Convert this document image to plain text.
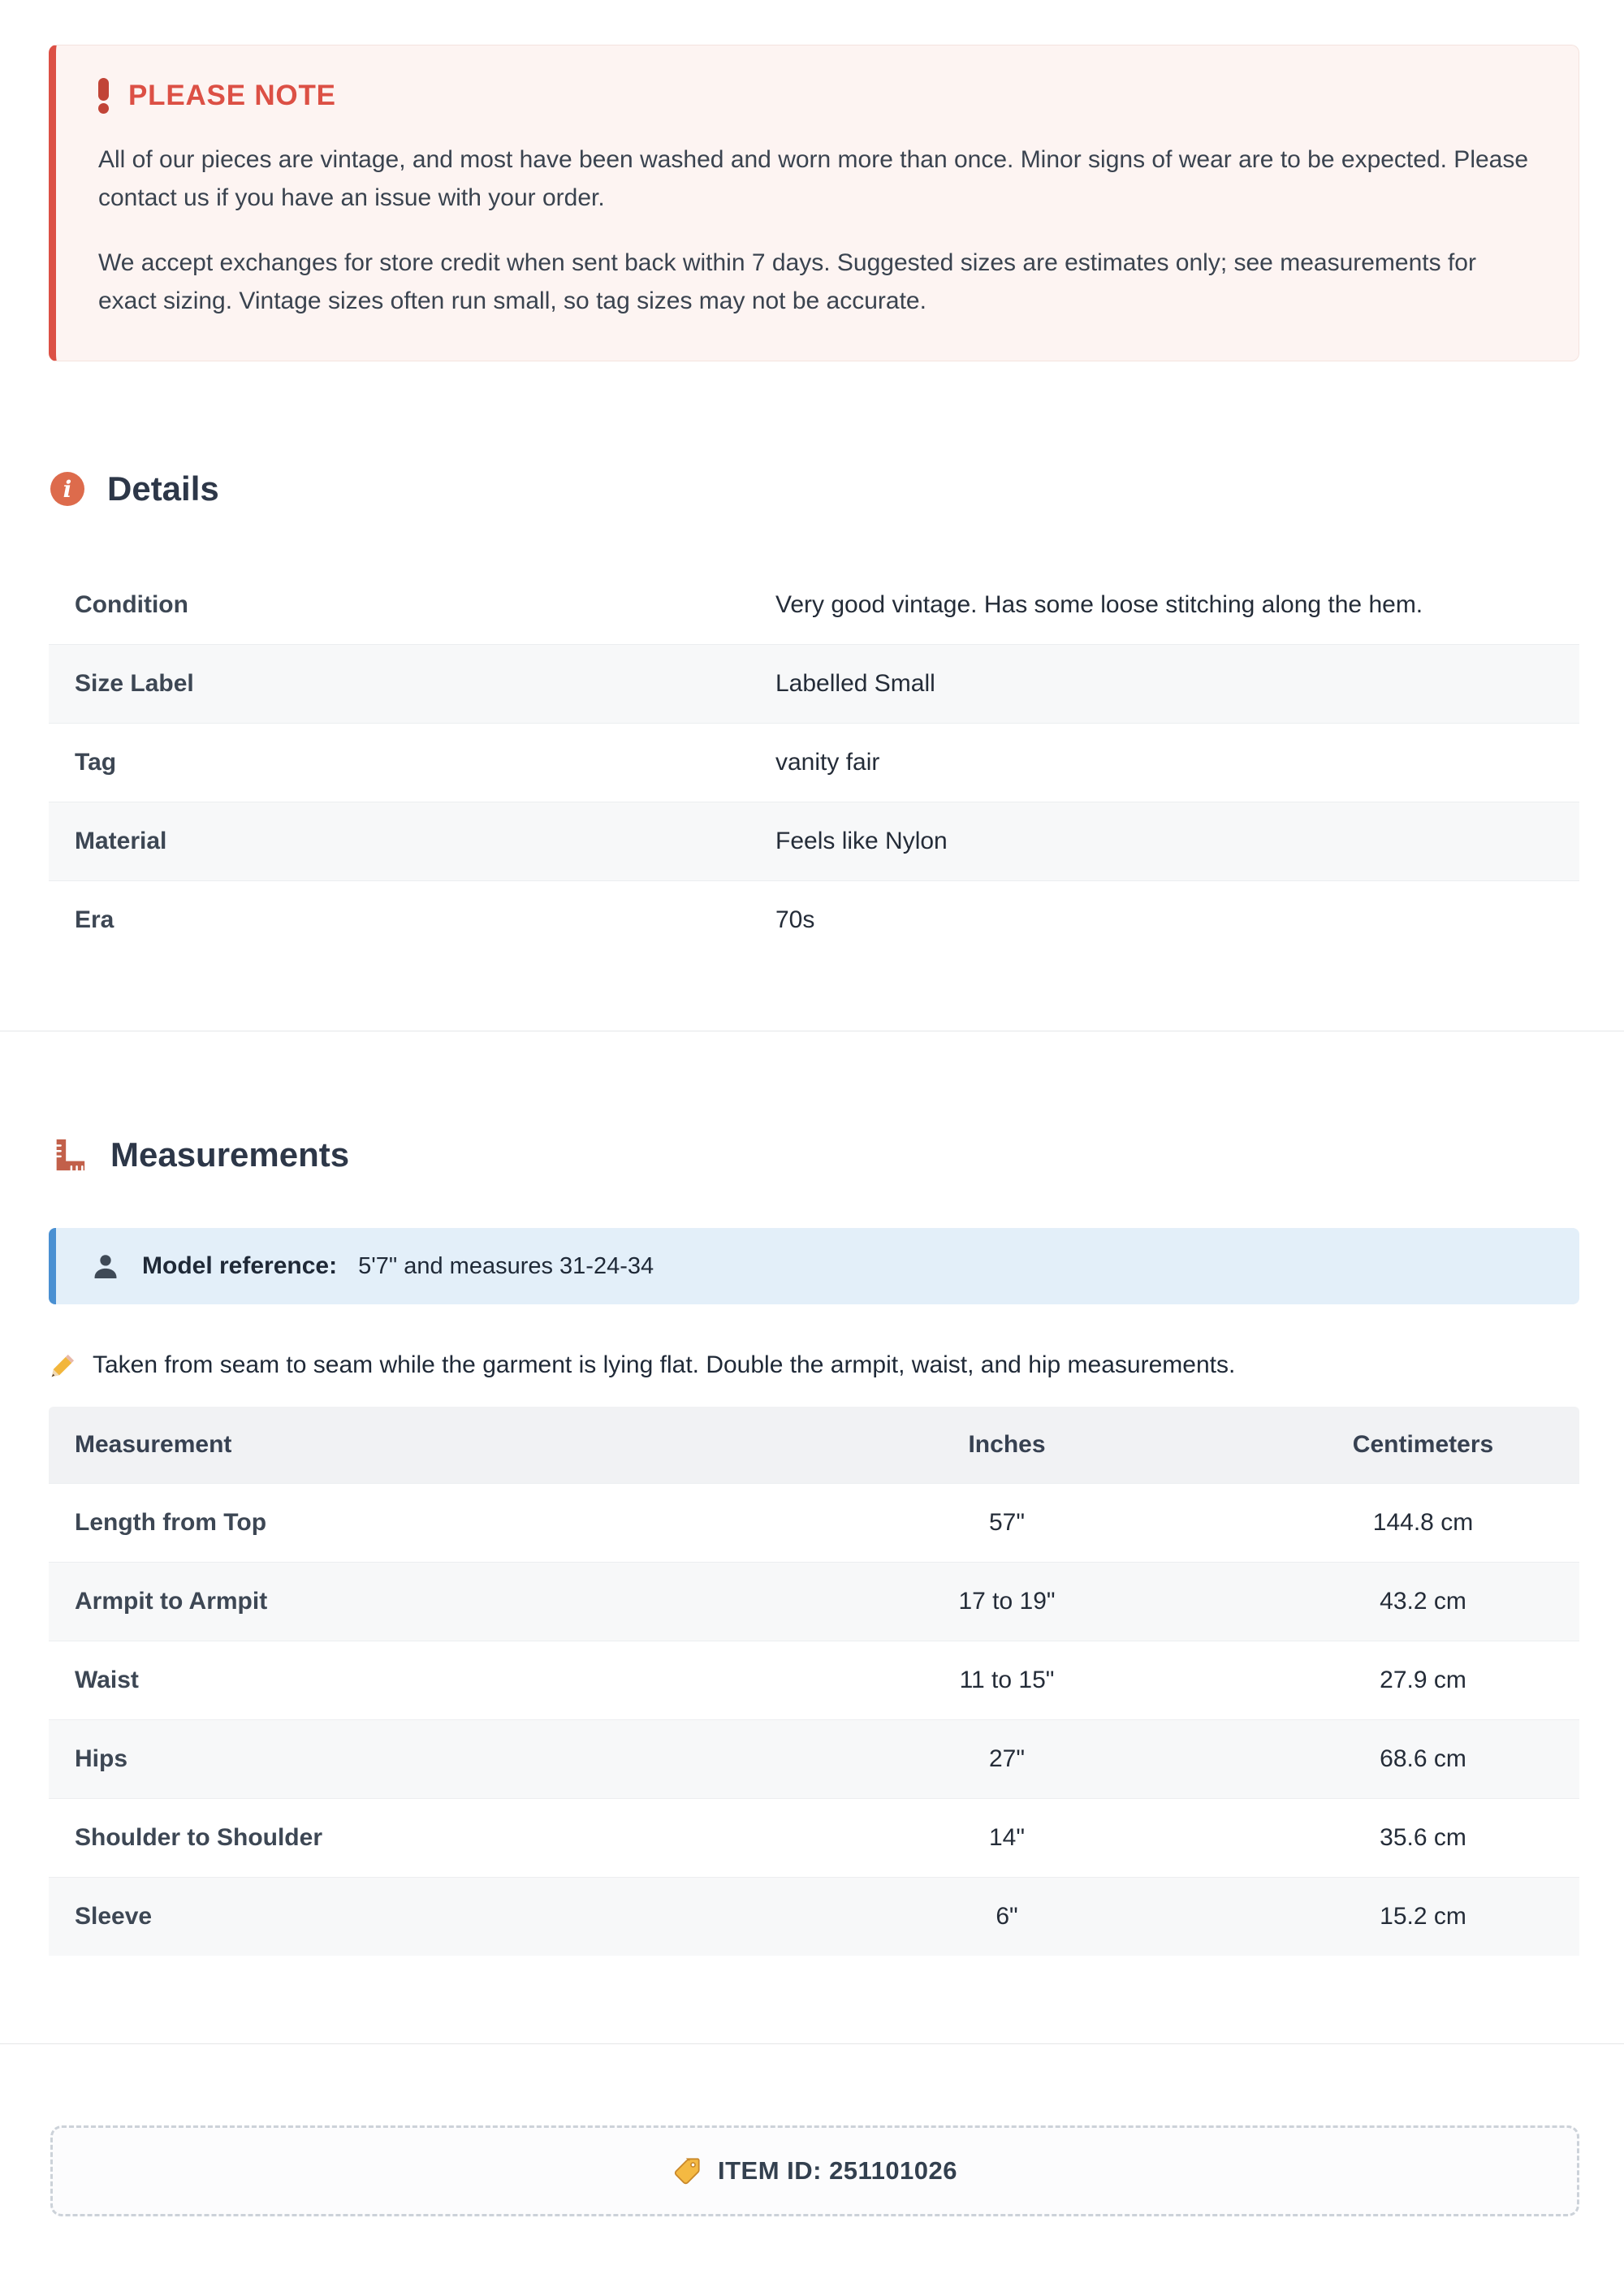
PLEASE NOTE

All of our pieces are vintage, and most have been washed and worn more than once. Minor signs of wear are to be expected. Please contact us if you have an issue with your order.

We accept exchanges for store credit when sent back within 7 days. Suggested sizes are estimates only; see measurements for exact sizing. Vintage sizes often run small, so tag sizes may not be accurate.

i	Details
Condition	Very good vintage. Has some loose stitching along the hem.
Size Label	Labelled Small
Tag	vanity fair
Material	Feels like Nylon
Era	70s
Measurements
Model reference: 5'7" and measures 31-24-34
Taken from seam to seam while the garment is lying flat. Double the armpit, waist, and hip measurements.
Measurement	Inches	Centimeters
Length from Top	57"	144.8 cm
Armpit to Armpit	17 to 19"	43.2 cm
Waist	11 to 15"	27.9 cm
Hips	27"	68.6 cm
Shoulder to Shoulder	14"	35.6 cm
Sleeve	6"	15.2 cm
ITEM ID: 251101026
